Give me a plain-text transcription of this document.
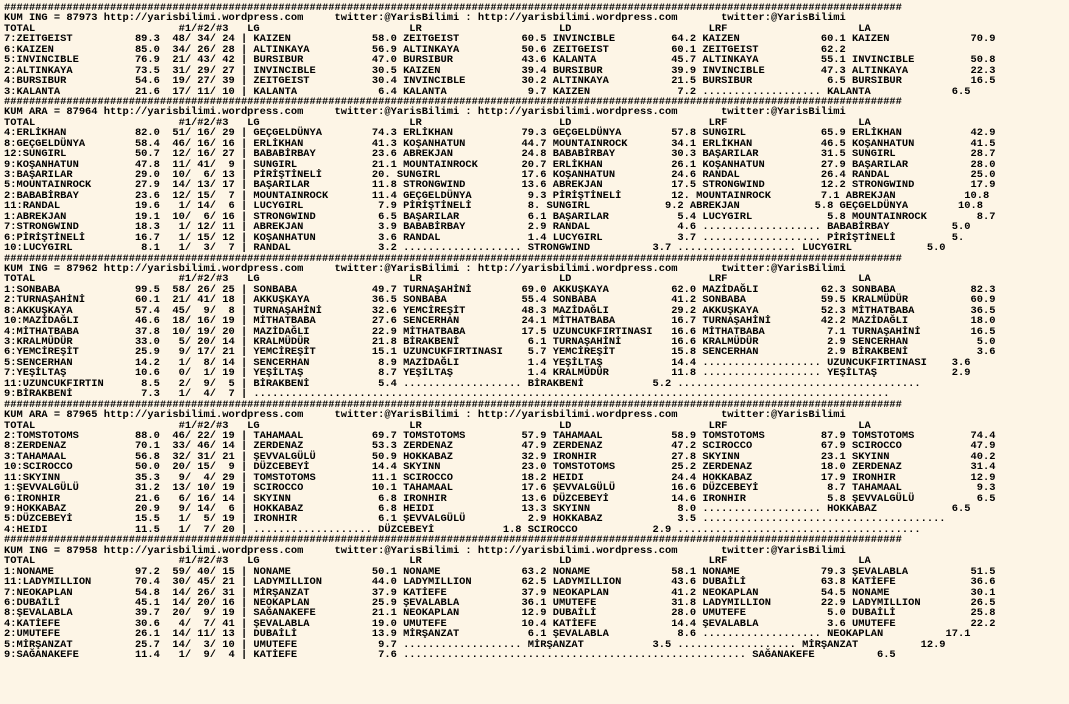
################################################################################################################################################
KUM ING = 87973 http://yarisbilimi.wordpress.com     twitter:@YarisBilimi : http://yarisbilimi.wordpress.com       twitter:@YarisBilimi
TOTAL                       #1/#2/#3   LG                        LR                      LD                      LRF                     LA
7:ZEITGEIST          89.3  48/ 34/ 24 | KAIZEN             58.0 ZEITGEIST          60.5 INVINCIBLE         64.2 KAIZEN             60.1 KAIZEN             70.9
6:KAIZEN             85.0  34/ 26/ 28 | ALTINKAYA          56.9 ALTINKAYA          50.6 ZEITGEIST          60.1 ZEITGEIST          62.2
5:INVINCIBLE         76.9  21/ 43/ 42 | BURSIBUR           47.0 BURSIBUR           43.6 KALANTA            45.7 ALTINKAYA          55.1 INVINCIBLE         50.8
2:ALTINKAYA          73.5  31/ 29/ 27 | INVINCIBLE         30.5 KAIZEN             39.4 BURSIBUR           39.9 INVINCIBLE         47.3 ALTINKAYA          22.3
4:BURSIBUR           54.6  19/ 27/ 39 | ZEITGEIST          30.4 INVINCIBLE         30.2 ALTINKAYA          21.5 BURSIBUR            6.5 BURSIBUR           16.5
3:KALANTA            21.6  17/ 11/ 10 | KALANTA             6.4 KALANTA             9.7 KAIZEN              7.2 ................... KALANTA             6.5
################################################################################################################################################
KUM ARA = 87964 http://yarisbilimi.wordpress.com     twitter:@YarisBilimi : http://yarisbilimi.wordpress.com       twitter:@YarisBilimi
TOTAL                       #1/#2/#3   LG                        LR                      LD                      LRF                     LA
4:ERLİKHAN           82.0  51/ 16/ 29 | GEÇGELDÜNYA        74.3 ERLİKHAN           79.3 GEÇGELDÜNYA        57.8 SUNGIRL            65.9 ERLİKHAN           42.9
8:GEÇGELDÜNYA        58.4  46/ 16/ 16 | ERLİKHAN           41.3 KOŞANHATUN         44.7 MOUNTAINROCK       34.1 ERLİKHAN           46.5 KOŞANHATUN         41.5
12:SUNGIRL           50.7  12/ 16/ 27 | BABABİRBAY         23.6 ABREKJAN           24.8 BABABİRBAY         30.3 BAŞARILAR          31.5 SUNGIRL            28.7
9:KOŞANHATUN         47.8  11/ 41/  9 | SUNGIRL            21.1 MOUNTAINROCK       20.7 ERLİKHAN           26.1 KOŞANHATUN         27.9 BAŞARILAR          28.0
3:BAŞARILAR          29.0  10/  6/ 13 | PİRİŞTİNELİ        20. SUNGIRL             17.6 KOŞANHATUN         24.6 RANDAL             26.4 RANDAL             25.0
5:MOUNTAINROCK       27.9  14/ 13/ 17 | BAŞARILAR          11.8 STRONGWIND         13.6 ABREKJAN           17.5 STRONGWIND         12.2 STRONGWIND         17.9
2:BABABİRBAY         23.6  12/ 15/  7 | MOUNTAINROCK       11.4 GEÇGELDÜNYA         9.3 PİRİŞTİNELİ        12. MOUNTAINROCK        7.1 ABREKJAN           10.8
11:RANDAL            19.6   1/ 14/  6 | LUCYGIRL            7.9 PİRİŞTİNELİ         8. SUNGIRL            9.2 ABREKJAN            5.8 GEÇGELDÜNYA        10.8
1:ABREKJAN           19.1  10/  6/ 16 | STRONGWIND          6.5 BAŞARILAR           6.1 BAŞARILAR           5.4 LUCYGIRL            5.8 MOUNTAINROCK        8.7
7:STRONGWIND         18.3   1/ 12/ 11 | ABREKJAN            3.9 BABABİRBAY          2.9 RANDAL              4.6 ................... BABABİRBAY          5.0
6:PİRİŞTİNELİ        16.7   1/ 15/ 12 | KOŞANHATUN          3.6 RANDAL              1.4 LUCYGIRL            3.7 ................... PİRİŞTİNELİ         5.
10:LUCYGIRL           8.1   1/  3/  7 | RANDAL              3.2 ................... STRONGWIND          3.7 ................... LUCYGIRL            5.0
################################################################################################################################################
KUM ING = 87962 http://yarisbilimi.wordpress.com     twitter:@YarisBilimi : http://yarisbilimi.wordpress.com       twitter:@YarisBilimi
TOTAL                       #1/#2/#3   LG                        LR                      LD                      LRF                     LA
1:SONBABA            99.5  58/ 26/ 25 | SONBABA            49.7 TURNAŞAHİNİ        69.0 AKKUŞKAYA          62.0 MAZİDAĞLI          62.3 SONBABA            82.3
2:TURNAŞAHİNİ        60.1  21/ 41/ 18 | AKKUŞKAYA          36.5 SONBABA            55.4 SONBABA            41.2 SONBABA            59.5 KRALMÜDÜR          60.9
8:AKKUŞKAYA          57.4  45/  9/  8 | TURNAŞAHİNİ        32.6 YEMCİREŞİT         48.3 MAZİDAĞLI          29.2 AKKUŞKAYA          52.3 MİTHATBABA         36.5
10:MAZİDAĞLI         46.6  18/ 16/ 19 | MİTHATBABA         27.6 SENCERHAN          24.1 MİTHATBABA         16.7 TURNAŞAHİNİ        42.2 MAZİDAĞLI          18.0
4:MİTHATBABA         37.8  10/ 19/ 20 | MAZİDAĞLI          22.9 MİTHATBABA         17.5 UZUNCUKFIRTINASI   16.6 MİTHATBABA          7.1 TURNAŞAHİNİ        16.5
3:KRALMÜDÜR          33.0   5/ 20/ 14 | KRALMÜDÜR          21.8 BİRAKBENİ           6.1 TURNAŞAHİNİ        16.6 KRALMÜDÜR           2.9 SENCERHAN           5.0
6:YEMCİREŞİT         25.9   9/ 17/ 21 | YEMCİREŞİT         15.1 UZUNCUKFIRTINASI    5.7 YEMCİREŞİT         15.8 SENCERHAN           2.9 BİRAKBENİ           3.6
5:SENCERHAN          14.2   1/  8/ 14 | SENCERHAN           8.9 MAZİDAĞLI           1.4 YEŞİLTAŞ           14.4 ................... UZUNCUKFIRTINASI    3.6
7:YEŞİLTAŞ           10.6   0/  1/ 19 | YEŞİLTAŞ            8.7 YEŞİLTAŞ            1.4 KRALMÜDÜR          11.8 ................... YEŞİLTAŞ            2.9
11:UZUNCUKFIRTIN      8.5   2/  9/  5 | BİRAKBENİ           5.4 ................... BİRAKBENİ           5.2 .......................................
9:BİRAKBENİ           7.3   1/  4/  7 | ......................................................................................................
################################################################################################################################################
KUM ARA = 87965 http://yarisbilimi.wordpress.com     twitter:@YarisBilimi : http://yarisbilimi.wordpress.com       twitter:@YarisBilimi
TOTAL                       #1/#2/#3   LG                        LR                      LD                      LRF                     LA
2:TOMSTOTOMS         88.0  46/ 22/ 19 | TAHAMAAL           69.7 TOMSTOTOMS         57.9 TAHAMAAL           58.9 TOMSTOTOMS         87.9 TOMSTOTOMS         74.4
8:ZERDENAZ           70.1  33/ 46/ 14 | ZERDENAZ           53.3 ZERDENAZ           47.9 ZERDENAZ           47.2 SCIROCCO           67.9 SCIROCCO           47.9
3:TAHAMAAL           56.8  32/ 31/ 21 | ŞEVVALGÜLÜ         50.9 HOKKABAZ           32.9 IRONHIR            27.8 SKYINN             23.1 SKYINN             40.2
10:SCIROCCO          50.0  20/ 15/  9 | DÜZCEBEYİ          14.4 SKYINN             23.0 TOMSTOTOMS         25.2 ZERDENAZ           18.0 ZERDENAZ           31.4
11:SKYINN            35.3   9/  4/ 29 | TOMSTOTOMS         11.1 SCIROCCO           18.2 HEIDI              24.4 HOKKABAZ           17.9 IRONHIR            12.9
1:ŞEVVALGÜLÜ         31.2  13/ 10/ 19 | SCIROCCO           10.1 TAHAMAAL           17.6 ŞEVVALGÜLÜ         16.6 DÜZCEBEYİ           8.7 TAHAMAAL            9.3
6:IRONHIR            21.6   6/ 16/ 14 | SKYINN              6.8 IRONHIR            13.6 DÜZCEBEYİ          14.6 IRONHIR             5.8 ŞEVVALGÜLÜ          6.5
9:HOKKABAZ           20.9   9/ 14/  6 | HOKKABAZ            6.8 HEIDI              13.3 SKYINN              8.0 ................... HOKKABAZ            6.5
5:DÜZCEBEYİ          15.5   1/  5/ 19 | IRONHIR             6.1 ŞEVVALGÜLÜ          2.9 HOKKABAZ            3.5 .......................................
4:HEIDI              11.5   1/  7/ 20 | ................... DÜZCEBEYİ           1.8 SCIROCCO            2.9 .......................................
################################################################################################################################################
KUM ING = 87958 http://yarisbilimi.wordpress.com     twitter:@YarisBilimi : http://yarisbilimi.wordpress.com       twitter:@YarisBilimi
TOTAL                       #1/#2/#3   LG                        LR                      LD                      LRF                     LA
1:NONAME             97.2  59/ 40/ 15 | NONAME             50.1 NONAME             63.2 NONAME             58.1 NONAME             79.3 ŞEVALABLA          51.5
11:LADYMILLION       70.4  30/ 45/ 21 | LADYMILLION        44.0 LADYMILLION        62.5 LADYMILLION        43.6 DUBAİLİ            63.8 KATİEFE            36.6
7:NEOKAPLAN          54.8  14/ 26/ 31 | MİRŞANZAT          37.9 KATİEFE            37.9 NEOKAPLAN          41.2 NEOKAPLAN          54.5 NONAME             30.1
6:DUBAİLİ            45.1  14/ 20/ 16 | NEOKAPLAN          25.9 ŞEVALABLA          36.1 UMUTEFE            31.8 LADYMILLION        22.9 LADYMILLION        26.5
8:ŞEVALABLA          39.7  20/  9/ 19 | SAĞANAKEFE         21.1 NEOKAPLAN          12.9 DUBAİLİ            28.0 UMUTEFE             5.0 DUBAİLİ            25.8
4:KATİEFE            30.6   4/  7/ 41 | ŞEVALABLA          19.0 UMUTEFE            10.4 KATİEFE            14.4 ŞEVALABLA           3.6 UMUTEFE            22.2
2:UMUTEFE            26.1  14/ 11/ 13 | DUBAİLİ            13.9 MİRŞANZAT           6.1 ŞEVALABLA           8.6 ................... NEOKAPLAN          17.1
5:MİRŞANZAT          25.7  14/  3/ 10 | UMUTEFE             9.7 ................... MİRŞANZAT           3.5 ................... MİRŞANZAT          12.9
9:SAĞANAKEFE         11.4   1/  9/  4 | KATİEFE             7.6 ....................................................... SAĞANAKEFE          6.5
